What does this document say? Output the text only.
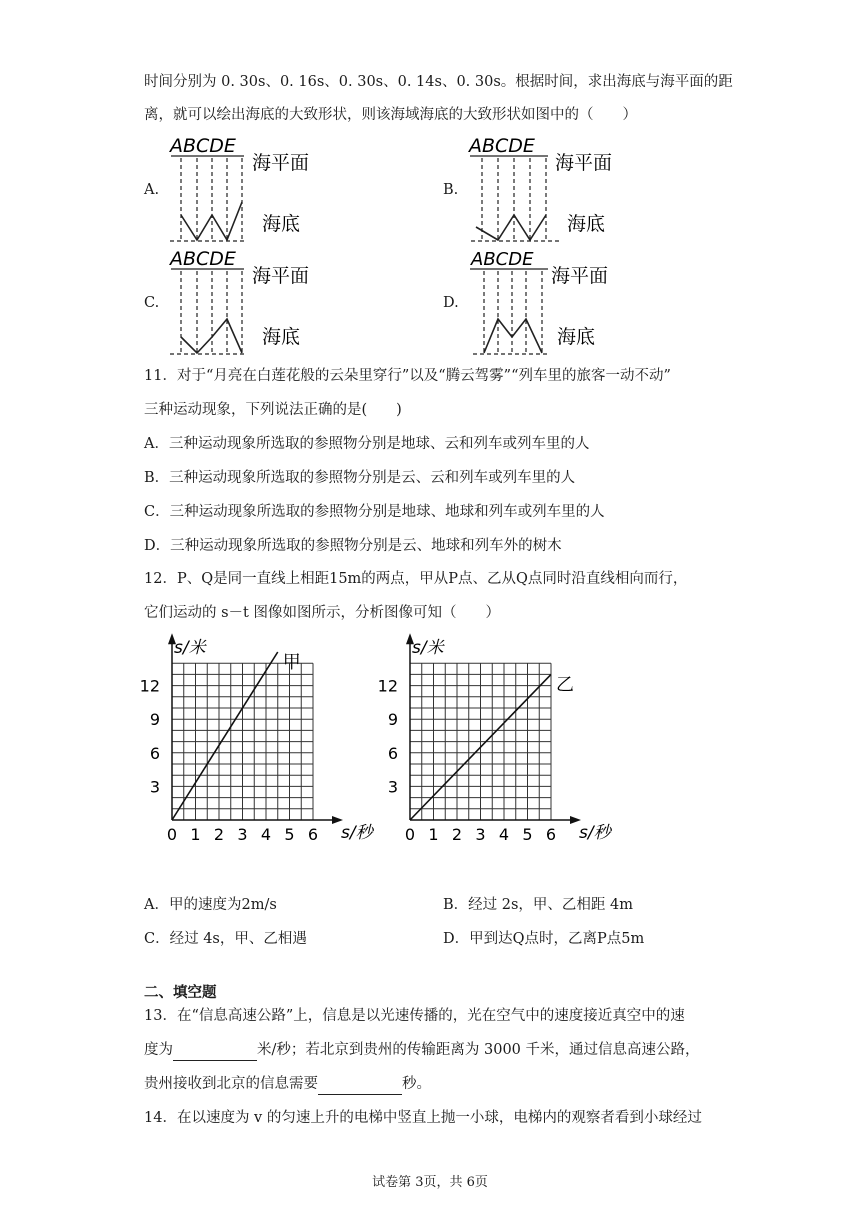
时间分别为 0. 30s、0. 16s、0. 30s、0. 14s、0. 30s。根据时间，求出海底与海平面的距
离，就可以绘出海底的大致形状，则该海域海底的大致形状如图中的（　　）
A.
ABCDE
海平面
海底
B.
ABCDE
海平面
海底
C.
ABCDE
海平面
海底
D.
ABCDE
海平面
海底
11．对于“月亮在白莲花般的云朵里穿行”以及“腾云驾雾”“列车里的旅客一动不动”
三种运动现象，下列说法正确的是(　　)
A．三种运动现象所选取的参照物分别是地球、云和列车或列车里的人
B．三种运动现象所选取的参照物分别是云、云和列车或列车里的人
C．三种运动现象所选取的参照物分别是地球、地球和列车或列车里的人
D．三种运动现象所选取的参照物分别是云、地球和列车外的树木
12．P、Q是同一直线上相距15m的两点，甲从P点、乙从Q点同时沿直线相向而行，
它们运动的 s－t 图像如图所示，分析图像可知（　　）
0 1 2 3 4 5 6
3
6
9
12
s/秒
s/米
甲
0 1 2 3 4 5 6
3
6
9
12
s/秒
s/米
乙
A．甲的速度为2m/s	B．经过 2s，甲、乙相距 4m
C．经过 4s，甲、乙相遇	D．甲到达Q点时，乙离P点5m
二、填空题
13．在“信息高速公路”上，信息是以光速传播的，光在空气中的速度接近真空中的速
度为	米/秒；若北京到贵州的传输距离为 3000 千米，通过信息高速公路，
贵州接收到北京的信息需要	秒。
14．在以速度为 v 的匀速上升的电梯中竖直上抛一小球，电梯内的观察者看到小球经过
试卷第 3页，共 6页
